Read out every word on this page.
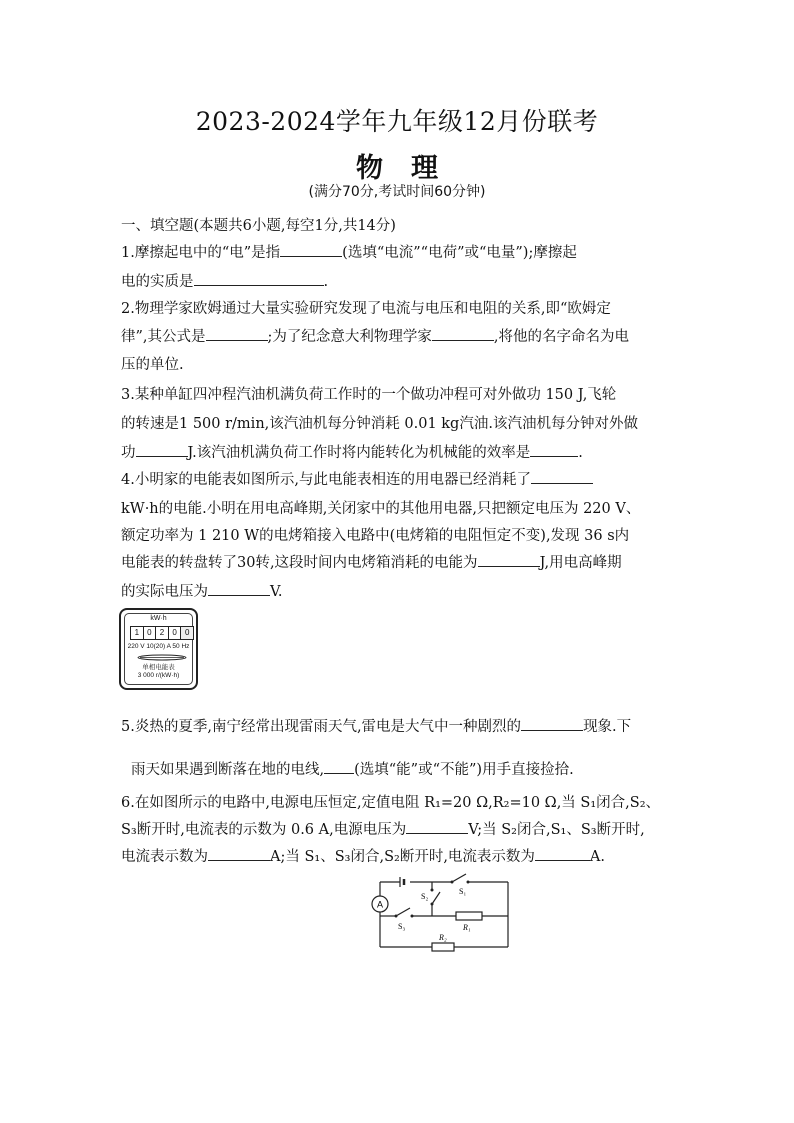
2023-2024学年九年级12月份联考
物理
(满分70分,考试时间60分钟)
一、填空题(本题共6小题,每空1分,共14分)
1.摩擦起电中的“电”是指	(选填“电流”“电荷”或“电量”);摩擦起
电的实质是	.
2.物理学家欧姆通过大量实验研究发现了电流与电压和电阻的关系,即“欧姆定
律”,其公式是	;为了纪念意大利物理学家	,将他的名字命名为电
压的单位.
3.某种单缸四冲程汽油机满负荷工作时的一个做功冲程可对外做功 150 J,飞轮
的转速是1 500 r/min,该汽油机每分钟消耗 0.01 kg汽油.该汽油机每分钟对外做
功	J.该汽油机满负荷工作时将内能转化为机械能的效率是	.
4.小明家的电能表如图所示,与此电能表相连的用电器已经消耗了
kW·h的电能.小明在用电高峰期,关闭家中的其他用电器,只把额定电压为 220 V、
额定功率为 1 210 W的电烤箱接入电路中(电烤箱的电阻恒定不变),发现 36 s内
电能表的转盘转了30转,这段时间内电烤箱消耗的电能为	J,用电高峰期
的实际电压为	V.
kW·h
1	0	2	0	0
220 V 10(20) A 50 Hz
单相电能表
3 000 r/(kW·h)
5.炎热的夏季,南宁经常出现雷雨天气,雷电是大气中一种剧烈的	现象.下
雨天如果遇到断落在地的电线, (选填“能”或“不能”)用手直接捡拾.
6.在如图所示的电路中,电源电压恒定,定值电阻 R₁=20 Ω,R₂=10 Ω,当 S₁闭合,S₂、
S₃断开时,电流表的示数为 0.6 A,电源电压为	V;当 S₂闭合,S₁、S₃断开时,
电流表示数为	A;当 S₁、S₃闭合,S₂断开时,电流表示数为	A.
A
S₁
S₂
S₃	R₁
R₂
